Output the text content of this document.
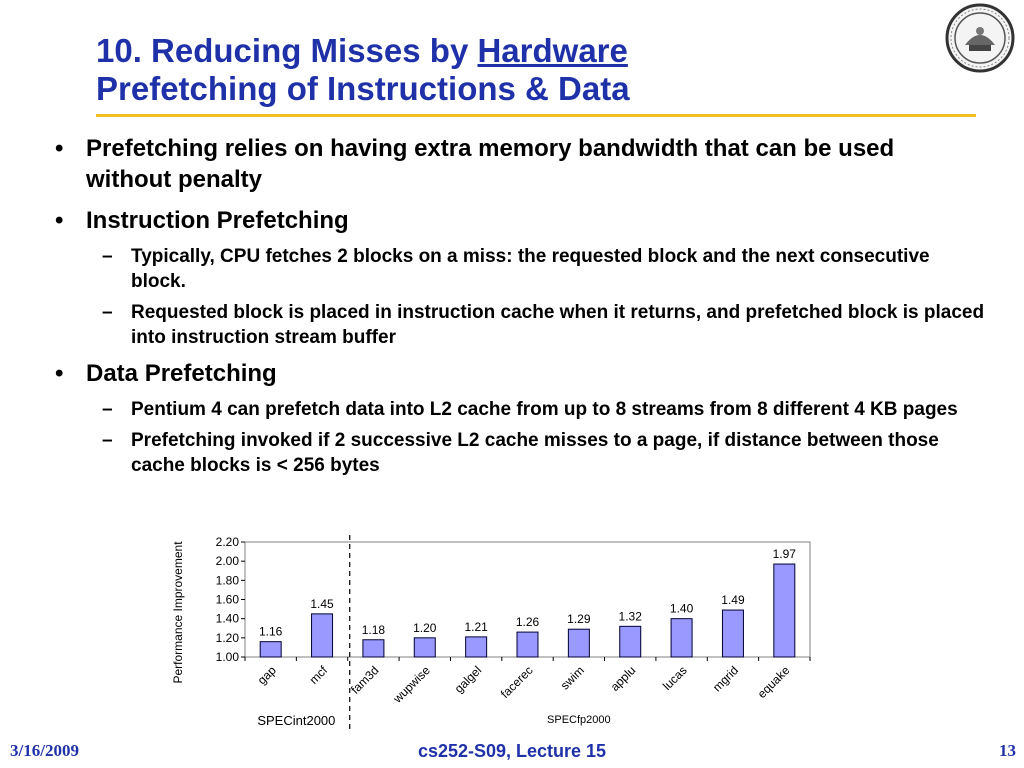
10. Reducing Misses by Hardware
Prefetching of Instructions & Data
• Prefetching relies on having extra memory bandwidth that can be used without penalty
• Instruction Prefetching
– Typically, CPU fetches 2 blocks on a miss: the requested block and the next consecutive block.
– Requested block is placed in instruction cache when it returns, and prefetched block is placed into instruction stream buffer
• Data Prefetching
– Pentium 4 can prefetch data into L2 cache from up to 8 streams from 8 different 4 KB pages
– Prefetching invoked if 2 successive L2 cache misses to a page, if distance between those cache blocks is < 256 bytes
1.00
1.20
1.40
1.60
1.80
2.00
2.20
1.16
gap
1.45
mcf
1.18
fam3d
1.20
wupwise
1.21
galgel
1.26
facerec
1.29
swim
1.32
applu
1.40
lucas
1.49
mgrid
1.97
equake
Performance Improvement
SPECint2000	SPECfp2000
3/16/2009	cs252-S09, Lecture 15	13
